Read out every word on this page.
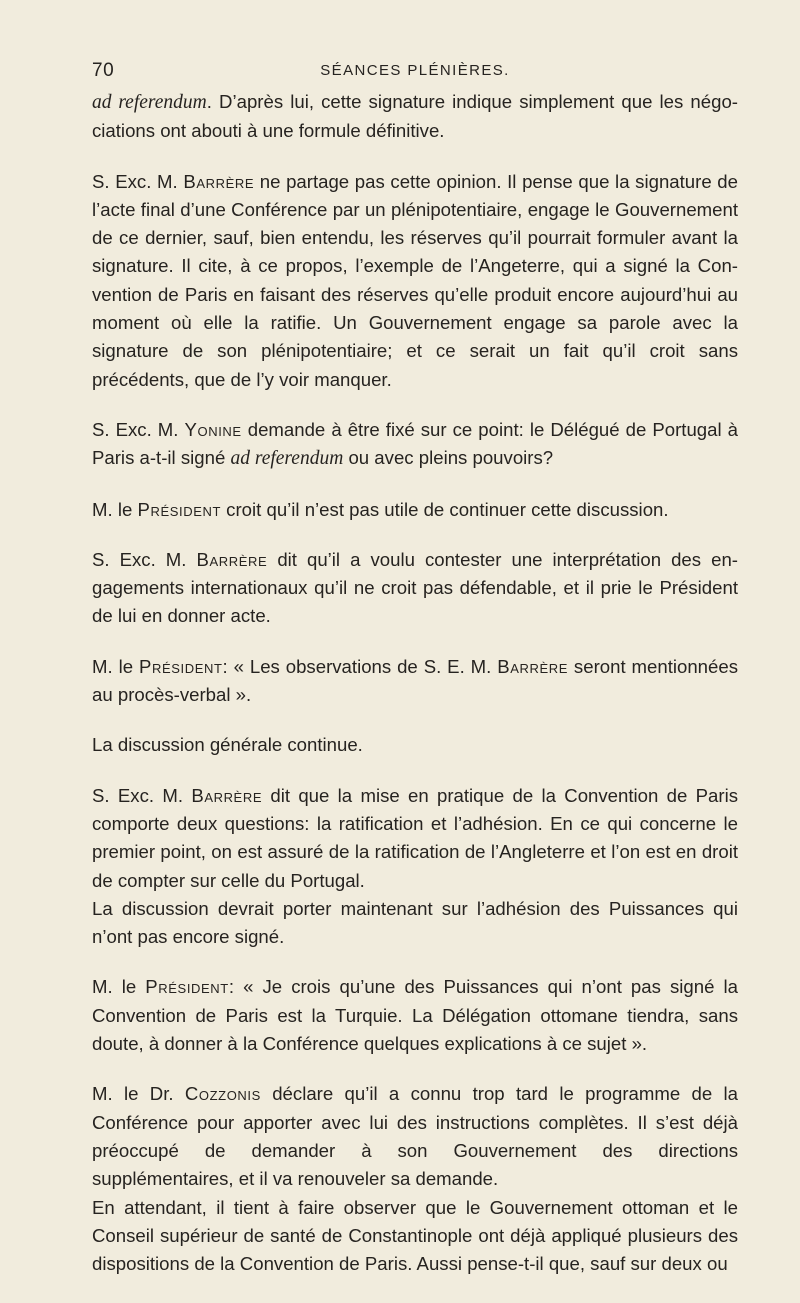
70	SÉANCES PLÉNIÈRES.

ad referendum. D’après lui, cette signature indique simplement que les négociations ont abouti à une formule définitive.

S. Exc. M. Barrère ne partage pas cette opinion. Il pense que la signature de l’acte final d’une Conférence par un plénipotentiaire, engage le Gouvernement de ce dernier, sauf, bien entendu, les réserves qu’il pourrait formuler avant la signature. Il cite, à ce propos, l’exemple de l’Angeterre, qui a signé la Convention de Paris en faisant des réserves qu’elle produit encore aujourd’hui au moment où elle la ratifie. Un Gouvernement engage sa parole avec la signature de son plénipotentiaire; et ce serait un fait qu’il croit sans précédents, que de l’y voir manquer.

S. Exc. M. Yonine demande à être fixé sur ce point: le Délégué de Portugal à Paris a-t-il signé ad referendum ou avec pleins pouvoirs?

M. le Président croit qu’il n’est pas utile de continuer cette discussion.

S. Exc. M. Barrère dit qu’il a voulu contester une interprétation des engagements internationaux qu’il ne croit pas défendable, et il prie le Président de lui en donner acte.

M. le Président: « Les observations de S. E. M. Barrère seront mentionnées au procès-verbal ».

La discussion générale continue.

S. Exc. M. Barrère dit que la mise en pratique de la Convention de Paris comporte deux questions: la ratification et l’adhésion. En ce qui concerne le premier point, on est assuré de la ratification de l’Angleterre et l’on est en droit de compter sur celle du Portugal.

La discussion devrait porter maintenant sur l’adhésion des Puissances qui n’ont pas encore signé.

M. le Président: « Je crois qu’une des Puissances qui n’ont pas signé la Convention de Paris est la Turquie. La Délégation ottomane tiendra, sans doute, à donner à la Conférence quelques explications à ce sujet ».

M. le Dr. Cozzonis déclare qu’il a connu trop tard le programme de la Conférence pour apporter avec lui des instructions complètes. Il s’est déjà préoccupé de demander à son Gouvernement des directions supplémentaires, et il va renouveler sa demande.

En attendant, il tient à faire observer que le Gouvernement ottoman et le Conseil supérieur de santé de Constantinople ont déjà appliqué plusieurs des dispositions de la Convention de Paris. Aussi pense-t-il que, sauf sur deux ou
